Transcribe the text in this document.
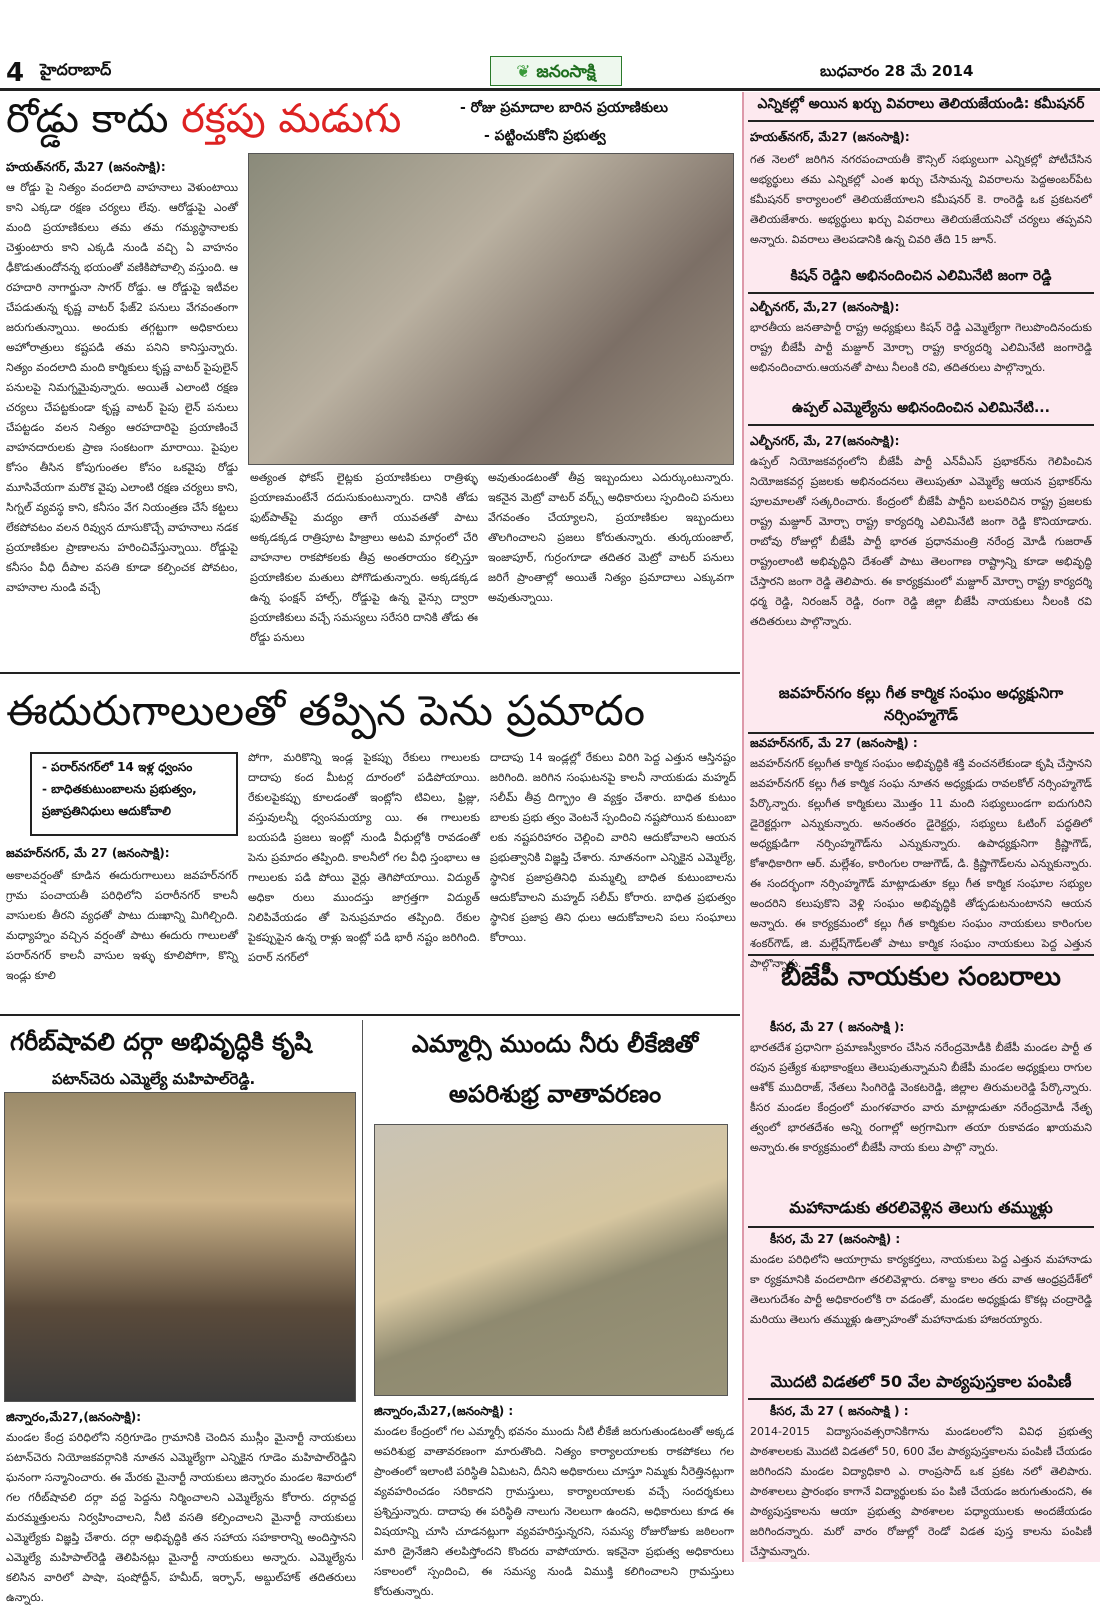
4 హైదరాబాద్	❦ జనంసాక్షి	బుధవారం 28 మే 2014
రోడ్డు కాదు రక్తపు మడుగు	- రోజు ప్రమాదాల బారిన ప్రయాణికులు
- పట్టించుకోని ప్రభుత్వ
హయత్‌నగర్, మే27 (జనంసాక్షి):
ఆ రోడ్డు పై నిత్యం వందలాది వాహనాలు వెళుంటాయి కాని ఎక్కడా రక్షణ చర్యలు లేవు. ఆరోడ్డుపై ఎంతో మంది ప్రయాణికులు తమ తమ గమ్యస్థానాలకు చెళ్తుంటారు కాని ఎక్కడి నుండి వచ్చి ఏ వాహనం ఢీకొడుతుందోనన్న భయంతో వణికిపోవాల్సి వస్తుంది. ఆ రహదారి నాగార్జునా సాగర్ రోడ్డు. ఆ రోడ్డుపై ఇటీవల చేపడుతున్న కృష్ణ వాటర్ ఫేజ్2 పనులు వేగవంతంగా జరుగుతున్నాయి. అందుకు తగ్గట్టుగా అధికారులు అహోరాత్రులు కష్టపడి తమ పనిని కానిస్తున్నారు. నిత్యం వందలాది మంది కార్మికులు కృష్ణ వాటర్ పైపులైన్ పనులపై నిమగ్నమైవున్నారు. అయితే ఎలాంటి రక్షణ చర్యలు చేపట్టకుండా కృష్ణ వాటర్ పైపు లైన్ పనులు చేపట్టడం వలన నిత్యం ఆరహదారిపై ప్రయాణించే వాహనదారులకు ప్రాణ సంకటంగా మారాయి. పైపుల కోసం తీసిన కోపుగుంతల కోసం ఒకవైపు రోడ్డు మూసివేయగా మరొక వైపు ఎలాంటి రక్షణ చర్యలు కాని, సిగ్నల్ వ్యవస్థ కాని, కనీసం వేగ నియంత్రణ చేసే కట్టలు లేకపోవటం వలన రివ్వున దూసుకొచ్చే వాహనాలు నడక ప్రయాణికుల ప్రాణాలను హరించివేస్తున్నాయి. రోడ్డుపై కనీసం వీధి దీపాల వసతి కూడా కల్పించక పోవటం, వాహనాల నుండి వచ్చే
అత్యంత ఫోకస్ లైట్లకు ప్రయాణికులు రాత్రిళ్ళు ప్రయాణమంటేనే దదుసుకుంటున్నారు. దానికి తోడు ఫుట్‌పాత్‌పై మద్యం తాగే యువతతో పాటు అక్కడక్కడ రాత్రిపూట హిజ్రాలు అటవి మార్గంలో చేరి వాహనాల రాకపోకలకు తీవ్ర అంతరాయం కల్పిస్తూ ప్రయాణికుల మతులు పోగొడుతున్నారు. అక్కడక్కడ ఉన్న ఫంక్షన్ హాల్స్, రోడ్డుపై ఉన్న వైన్సు ద్వారా ప్రయాణికులు వచ్చే సమస్యలు సరేసరి దానికి తోడు ఈ రోడ్డు పనులు
అవుతుండటంతో తీవ్ర ఇబ్బందులు ఎదుర్కుంటున్నారు. ఇకనైన మెట్రో వాటర్ వర్క్స్ అధికారులు స్పందించి పనులు వేగవంతం చేయ్యాలని, ప్రయాణికుల ఇబ్బందులు తొలగించాలని ప్రజలు కోరుతున్నారు. తుర్కయంజాల్, ఇంజాపూర్, గుర్రంగూడా తదితర మెట్రో వాటర్ పనులు జరిగే ప్రాంతాల్లో అయితే నిత్యం ప్రమాదాలు ఎక్కువగా అవుతున్నాయి.
ఈదురుగాలులతో తప్పిన పెను ప్రమాదం
- పరార్‌నగర్‌లో 14 ఇళ్ల ధ్వంసం
- బాధితకుటుంబాలను ప్రభుత్వం, ప్రజాప్రతినిధులు ఆదుకోవాలి
జవహర్‌నగర్, మే 27 (జనంసాక్షి):
అకాలవర్షంతో కూడిన ఈదురుగాలులు జవహర్‌నగర్ గ్రామ పంచాయతీ పరిధిలోని పరారీనగర్ కాలనీ వాసులకు తీరని వ్యధతో పాటు దుఃఖాన్ని మిగిల్చింది. మధ్యాహ్నం వచ్చిన వర్షంతో పాటు ఈదురు గాలులతో పరార్‌నగర్ కాలనీ వాసుల ఇళ్ళు కూలిపోగా, కొన్ని ఇండ్లు కూలి
పోగా, మరికొన్ని ఇండ్ల పైకప్పు రేకులు గాలులకు దాదాపు కంద మీటర్ల దూరంలో పడిపోయాయి. రేకులపైకప్పు కూలడంతో ఇంట్లోని టివిలు, ఫ్రిజ్లు, వస్తువులన్నీ ధ్వంసమయ్యా యి. ఈ గాలులకు బయపడి ప్రజలు ఇంట్లో నుండి వీధుల్లోకి రావడంతో పెను ప్రమాదం తప్పింది. కాలనీలో గల వీధి స్తంభాలు ఆ గాలులకు పడి పోయి వైర్లు తెగిపోయాయి. విద్యుత్ అధికా రులు ముందస్తు జాగ్రత్తగా విద్యుత్ నిలిపివేయడం తో పెనుప్రమాదం తప్పింది. రేకుల పైకప్పుపైన ఉన్న రాళ్లు ఇంట్లో పడి భారీ నష్టం జరిగింది. పరార్ నగర్‌లో
దాదాపు 14 ఇండ్లల్లో రేకులు విరిగి పెద్ద ఎత్తున ఆస్తినష్టం జరిగింది. జరిగిన సంఘటనపై కాలనీ నాయకుడు మహ్మద్ సలీమ్ తీవ్ర దిగ్భ్రాం తి వ్యక్తం చేశారు. బాధిత కుటుం బాలకు ప్రభు త్వం వెంటనే స్పందించి నష్టపోయిన కుటుంబా లకు నష్టపరిహారం చెల్లించి వారిని ఆదుకోవాలని ఆయన ప్రభుత్వానికి విజ్ఞప్తి చేశారు. నూతనంగా ఎన్నికైన ఎమ్మెల్యే, స్థానిక ప్రజాప్రతినిధి మమ్మల్ని బాధిత కుటుంబాలను ఆదుకోవాలని మహ్మద్ సలీమ్ కోరారు. బాధిత ప్రభుత్వం స్థానిక ప్రజాప్ర తిని ధులు ఆదుకోవాలని పలు సంఘాలు కోరాయి.
గరీబ్‌షావలి దర్గా అభివృద్ధికి కృషి
పటాన్‌చెరు ఎమ్మెల్యే మహిపాల్‌రెడ్డి.
జిన్నారం,మే27,(జనంసాక్షి):
మండల కేంద్ర పరిధిలోని నర్రిగూడెం గ్రామానికి చెందిన ముస్లీం మైనార్టీ నాయకులు పటాన్‌చెరు నియోజకవర్గానికి నూతన ఎమ్మెల్యేగా ఎన్నికైన గూడెం మహిపాల్‌రెడ్డిని ఘనంగా సన్మానించారు. ఈ మేరకు మైనార్టీ నాయకులు జిన్నారం మండల శివారులో గల గరీబ్‌షావలి దర్గా వద్ద పెద్దను నిర్మించాలని ఎమ్మెల్యేను కోరారు. దర్గావద్ద మరమ్మత్తులను నిర్వహించాలని, నీటి వసతి కల్పించాలని మైనార్టీ నాయకులు ఎమ్మెల్యేకు విజ్ఞప్తి చేశారు. దర్గా అభివృద్ధికి తన సహాయ సహకారాన్ని అందిస్తానని ఎమ్మెల్యే మహిపాల్‌రెడ్డి తెలిపినట్లు మైనార్టీ నాయకులు అన్నారు. ఎమ్మెల్యేను కలిసిన వారిలో పాషా, షంషోద్దీన్, హమీద్, ఇర్ఫాన్, అబ్దుల్‌హాక్ తదితరులు ఉన్నారు.
ఎమ్మార్సి ముందు నీరు లీకేజితో
అపరిశుభ్ర వాతావరణం
జిన్నారం,మే27,(జనంసాక్షి) :
మండల కేంద్రంలో గల ఎమ్మార్సీ భవనం ముందు నీటి లీకేజీ జరుగుతుండటంతో అక్కడ అపరిశుభ్ర వాతావరణంగా మారుతొంది. నిత్యం కార్యాలయాలకు రాకపోకలు గల ప్రాంతంలో ఇలాంటి పరిస్థితి ఏమిటని, దీనిని అధికారులు చూస్తూ నిమ్మకు నీరెత్తినట్లుగా వ్యవహరించడం సరికాదని గ్రామస్తులు, కార్యాలయాలకు వచ్చే సందర్శకులు ప్రశ్నిస్తున్నారు. దాదాపు ఈ పరిస్థితి నాలుగు నెలలుగా ఉందని, అధికారులు కూడ ఈ విషయాన్ని చూసి చూడనట్లుగా వ్యవహరిస్తున్నరని, సమస్య రోజురోజుకు జఠిలంగా మారి డ్రైనేజిని తలపిస్తోందని కొందరు వాపోయారు. ఇకనైనా ప్రభుత్వ అధికారులు సకాలంలో స్పందించి, ఈ సమస్య నుండి విముక్తి కలిగించాలని గ్రామస్తులు కోరుతున్నారు.
ఎన్నికల్లో అయిన ఖర్చు వివరాలు తెలియజేయండి: కమీషనర్
హయత్‌నగర్, మే27 (జనంసాక్షి):
గత నెలలో జరిగిన నగరపంచాయతీ కౌన్సిల్ సభ్యులుగా ఎన్నికల్లో పోటీచేసిన అభ్యర్థులు తమ ఎన్నికల్లో ఎంత ఖర్చు చేసామన్న వివరాలను పెద్దఅంబర్‌పేట కమీషనర్ కార్యాలంలో తెలియజేయాలని కమీషనర్ కె. రాంరెడ్డి ఒక ప్రకటనలో తెలియజేశారు. అభ్యర్థులు ఖర్చు వివరాలు తెలియజేయనిచో చర్యలు తప్పవని అన్నారు. వివరాలు తెలపడానికి ఉన్న చివరి తేది 15 జూన్.
కిషన్ రెడ్డిని అభినందించిన ఎలిమినేటి జంగా రెడ్డి
ఎల్బీనగర్, మే,27 (జనంసాక్షి):
భారతీయ జనతాపార్టీ రాష్ట్ర అధ్యక్షులు కిషన్ రెడ్డి ఎమ్మెల్యేగా గెలుపొందినందుకు రాష్ట్ర బీజేపీ పార్టీ మజ్దూర్ మోర్చా రాష్ట్ర కార్యదర్శి ఎలిమినేటి జంగారెడ్డి అభినందించారు.ఆయనతో పాటు నీలంకి రవి, తదితరులు పాల్గొన్నారు.
ఉప్పల్ ఎమ్మెల్యేను అభినందించిన ఎలిమినేటి...
ఎల్బీనగర్, మే, 27(జనంసాక్షి):
ఉప్పల్ నియోజకవర్గంలోని బీజేపీ పార్టీ ఎన్‌వీఎస్ ప్రభాకర్‌ను గెలిపించిన నియోజకవర్గ ప్రజలకు అభినందనలు తెలుపుతూ ఎమ్మెల్యే ఆయన ప్రభాకర్‌ను పూలమాలతో సత్కరించారు. కేంద్రంలో బీజేపీ పార్టీని బలపరిచిన రాష్ట్ర ప్రజలకు రాష్ట్ర మజ్దూర్ మోర్చా రాష్ట్ర కార్యదర్శి ఎలిమినేటి జంగా రెడ్డి కొనియాడారు. రాబోవు రోజుల్లో బీజేపీ పార్టీ భారత ప్రధానమంత్రి నరేంద్ర మోడీ గుజరాత్ రాష్ట్రంలాంటి అభివృద్ధిని దేశంతో పాటు తెలంగాణ రాష్ట్రాన్ని కూడా అభివృద్ధి చేస్తారని జంగా రెడ్డి తెలిపారు. ఈ కార్యక్రమంలో మజ్దూర్ మోర్చా రాష్ట్ర కార్యదర్శి ధర్మ రెడ్డి, నిరంజన్ రెడ్డి, రంగా రెడ్డి జిల్లా బీజేపీ నాయకులు నీలంకి రవి తదితరులు పాల్గొన్నారు.
జవహర్‌నగం కల్లు గీత కార్మిక సంఘం అధ్యక్షునిగా నర్సింహ్మగౌడ్
జవహర్‌నగర్, మే 27 (జనంసాక్షి) :
జవహర్‌నగర్ కల్లుగీత కార్మిక సంఘం అభివృద్ధికి శక్తి వంచనలేకుండా కృషి చేస్తానని జవహర్‌నగర్ కల్లు గీత కార్మిక సంఘ నూతన అధ్యక్షుడు రావలకోల్ నర్సింహ్మగౌడ్ పేర్కొన్నారు. కల్లుగీత కార్మికులు మొత్తం 11 మంది సభ్యులుండగా ఐదుగురిని డైరెక్టర్లుగా ఎన్నుకున్నారు. అనంతరం డైరెక్టర్లు, సభ్యులు ఓటింగ్ పద్ధతిలో అధ్యక్షుడిగా నర్సింహ్మగౌడ్‌ను ఎన్నుకున్నారు. ఉపాధ్యక్షునిగా క్రిష్ణాగౌడ్, కోశాధికారిగా ఆర్. మల్లేశం, కారింగుల రాజుగౌడ్, డి. క్రిష్ణాగౌడ్‌లను ఎన్నుకున్నారు. ఈ సందర్భంగా నర్సింహ్మగౌడ్ మాట్లాడుతూ కల్లు గీత కార్మిక సంఘాల సభ్యుల అందరిని కలుపుకొని వెళ్లి సంఘం అభివృద్ధికి తోడ్పడుటనుంటానని ఆయన అన్నారు. ఈ కార్యక్రమంలో కల్లు గీత కార్మికుల సంఘం నాయకులు కారింగుల శంకర్‌గౌడ్, జి. మల్లేష్‌గౌడ్‌లతో పాటు కార్మిక సంఘం నాయకులు పెద్ద ఎత్తున పాల్గొన్నారు.
బీజేపీ నాయకుల సంబరాలు
కీసర, మే 27 ( జనంసాక్షి ):
భారతదేశ ప్రధానిగా ప్రమాణస్వీకారం చేసిన నరేంద్రమోడీకి బీజేపీ మండల పార్టీ త రపున ప్రత్యేక శుభాకాంక్షలు తెలుపుతున్నామని బీజేపీ మండల అధ్యక్షులు రాగుల ఆశోక్ ముదిరాజ్, నేతలు సింగిరెడ్డి వెంకటరెడ్డి, జిల్లాల తిరుమలరెడ్డి పేర్కొన్నారు. కీసర మండల కేంద్రంలో మంగళవారం వారు మాట్లాడుతూ నరేంద్రమోడీ నేతృ త్వంలో భారతదేశం అన్ని రంగాల్లో అగ్రగామిగా తయా రుకావడం ఖాయమని అన్నారు.ఈ కార్యక్రమంలో బీజేపీ నాయ కులు పాల్గొ న్నారు.
మహానాడుకు తరలివెళ్లిన తెలుగు తమ్ముళ్లు
కీసర, మే 27 (జనంసాక్షి) :
మండల పరిధిలోని ఆయాగ్రామ కార్యకర్తలు, నాయకులు పెద్ద ఎత్తున మహానాడు కా ర్యక్రమానికి వందలాదిగా తరలివెళ్లారు. దశాబ్ద కాలం తరు వాత ఆంధ్రప్రదేశ్‌లో తెలుగుదేశం పార్టీ అధికారంలోకి రా వడంతో, మండల అధ్యక్షుడు కొకట్ల చంద్రారెడ్డి మరియు తెలుగు తమ్ముళ్లు ఉత్సాహంతో మహానాడుకు హాజరయ్యారు.
మొదటి విడతలో 50 వేల పాఠ్యపుస్తకాల పంపిణీ
కీసర, మే 27 ( జనంసాక్షి ) :
2014-2015 విద్యాసంవత్సరానికిగాను మండలంలోని వివిధ ప్రభుత్వ పాఠశాలలకు మొదటి విడతలో 50, 600 వేల పాఠ్యపుస్తకాలను పంపిణీ చేయడం జరిగిందని మండల విద్యాధికారి ఎ. రాంప్రసాద్ ఒక ప్రకట నలో తెలిపారు. పాఠశాలలు ప్రారంభం కాగానే విద్యార్థులకు పం పిణి చేయడం జరుగుతుందని, ఈ పాఠ్యపుస్తకాలను ఆయా ప్రభుత్వ పాఠశాలల పధ్యాయులకు అందజేయడం జరిగిందన్నారు. మరో వారం రోజుల్లో రెండో విడత పుస్త కాలను పంపిణీ చేస్తామన్నారు.
